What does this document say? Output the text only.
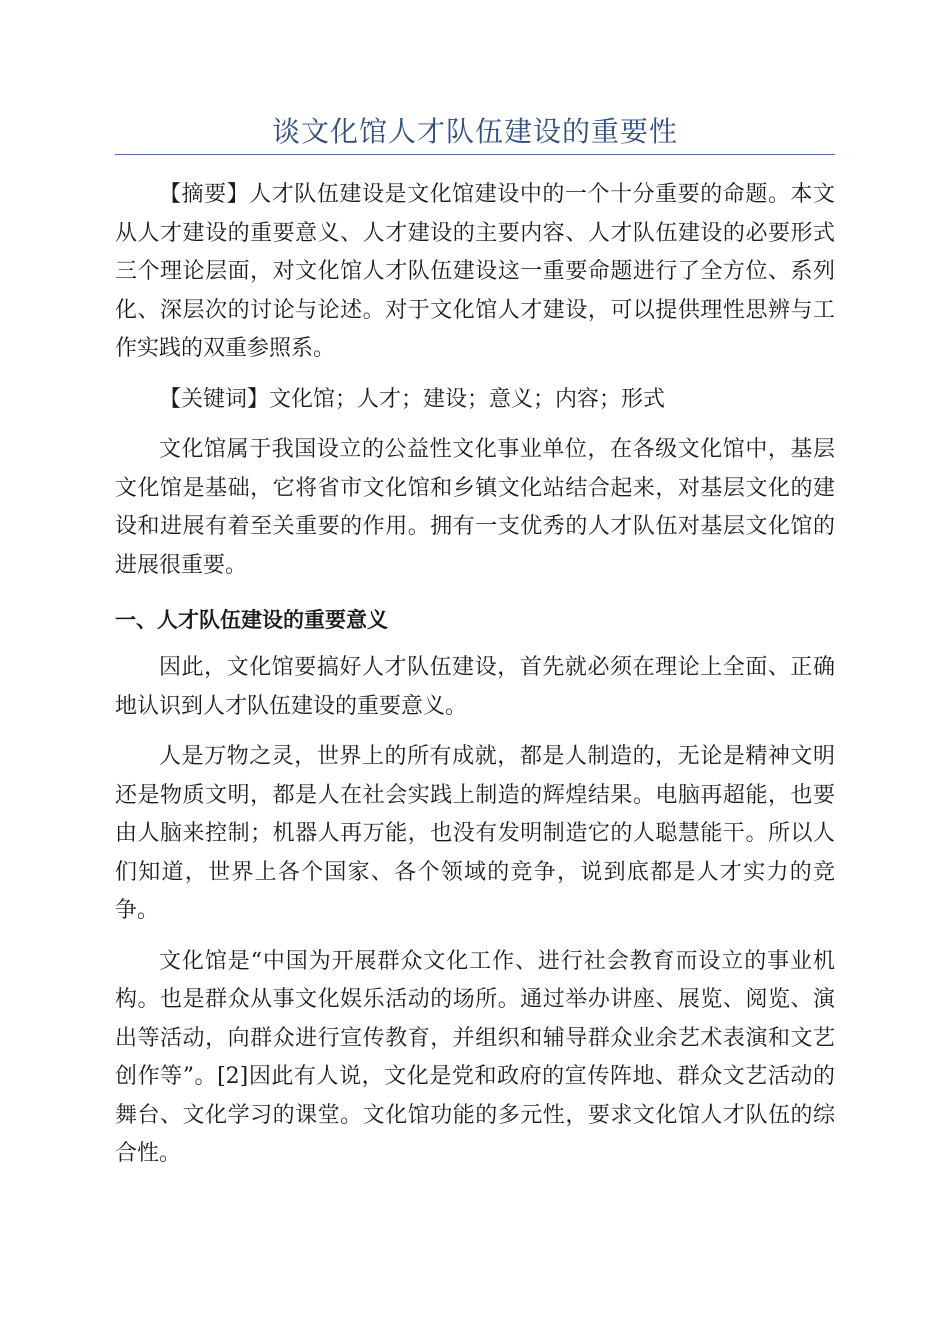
谈文化馆人才队伍建设的重要性

【摘要】人才队伍建设是文化馆建设中的一个十分重要的命题。本文从人才建设的重要意义、人才建设的主要内容、人才队伍建设的必要形式三个理论层面，对文化馆人才队伍建设这一重要命题进行了全方位、系列化、深层次的讨论与论述。对于文化馆人才建设，可以提供理性思辨与工作实践的双重参照系。

【关键词】文化馆；人才；建设；意义；内容；形式

文化馆属于我国设立的公益性文化事业单位，在各级文化馆中，基层文化馆是基础，它将省市文化馆和乡镇文化站结合起来，对基层文化的建设和进展有着至关重要的作用。拥有一支优秀的人才队伍对基层文化馆的进展很重要。

一、人才队伍建设的重要意义

因此，文化馆要搞好人才队伍建设，首先就必须在理论上全面、正确地认识到人才队伍建设的重要意义。

人是万物之灵，世界上的所有成就，都是人制造的，无论是精神文明还是物质文明，都是人在社会实践上制造的辉煌结果。电脑再超能，也要由人脑来控制；机器人再万能，也没有发明制造它的人聪慧能干。所以人们知道，世界上各个国家、各个领域的竞争，说到底都是人才实力的竞争。

文化馆是“中国为开展群众文化工作、进行社会教育而设立的事业机构。也是群众从事文化娱乐活动的场所。通过举办讲座、展览、阅览、演出等活动，向群众进行宣传教育，并组织和辅导群众业余艺术表演和文艺创作等”。[2]因此有人说，文化是党和政府的宣传阵地、群众文艺活动的舞台、文化学习的课堂。文化馆功能的多元性，要求文化馆人才队伍的综合性。
